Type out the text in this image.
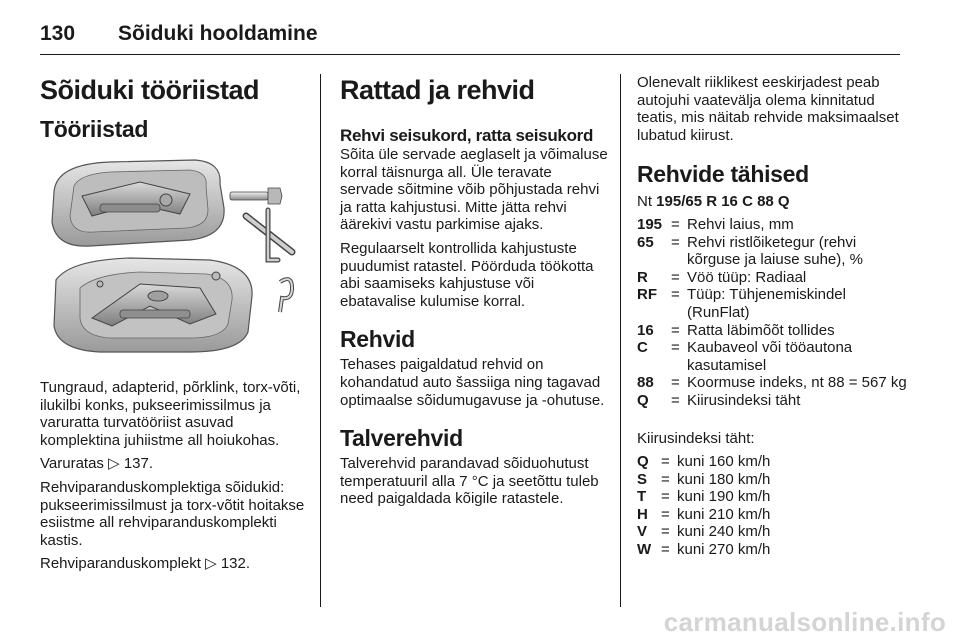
130	Sõiduki hooldamine
Sõiduki tööriistad
Tööriistad

Tungraud, adapterid, põrklink, torx-võti, ilukilbi konks, pukseerimissilmus ja varuratta turvatööriist asuvad komplektina juhiistme all hoiukohas.

Varuratas ▷ 137.

Rehviparanduskomplektiga sõidukid: pukseerimissilmust ja torx-võtit hoitakse esiistme all rehviparanduskomplekti kastis.

Rehviparanduskomplekt ▷ 132.

Rattad ja rehvid
Rehvi seisukord, ratta seisukord

Sõita üle servade aeglaselt ja võimaluse korral täisnurga all. Üle teravate servade sõitmine võib põhjustada rehvi ja ratta kahjustusi. Mitte jätta rehvi äärekivi vastu parkimise ajaks.

Regulaarselt kontrollida kahjustuste puudumist ratastel. Pöörduda töökotta abi saamiseks kahjustuse või ebatavalise kulumise korral.

Rehvid

Tehases paigaldatud rehvid on kohandatud auto šassiiga ning tagavad optimaalse sõidumugavuse ja -ohutuse.

Talverehvid

Talverehvid parandavad sõiduohutust temperatuuril alla 7 °C ja seetõttu tuleb need paigaldada kõigile ratastele.

Olenevalt riiklikest eeskirjadest peab autojuhi vaatevälja olema kinnitatud teatis, mis näitab rehvide maksimaalset lubatud kiirust.

Rehvide tähised

Nt 195/65 R 16 C 88 Q

195 = Rehvi laius, mm
65	= Rehvi ristlõiketegur (rehvi kõrguse ja laiuse suhe), %
R	= Vöö tüüp: Radiaal
RF = Tüüp: Tühjenemiskindel (RunFlat)
16	= Ratta läbimõõt tollides
C	= Kaubaveol või tööautona kasutamisel
88	= Koormuse indeks, nt 88 = 567 kg
Q	= Kiirusindeksi täht

Kiirusindeksi täht:

Q = kuni 160 km/h
S = kuni 180 km/h
T = kuni 190 km/h
H = kuni 210 km/h
V = kuni 240 km/h
W = kuni 270 km/h
carmanualsonline.info
